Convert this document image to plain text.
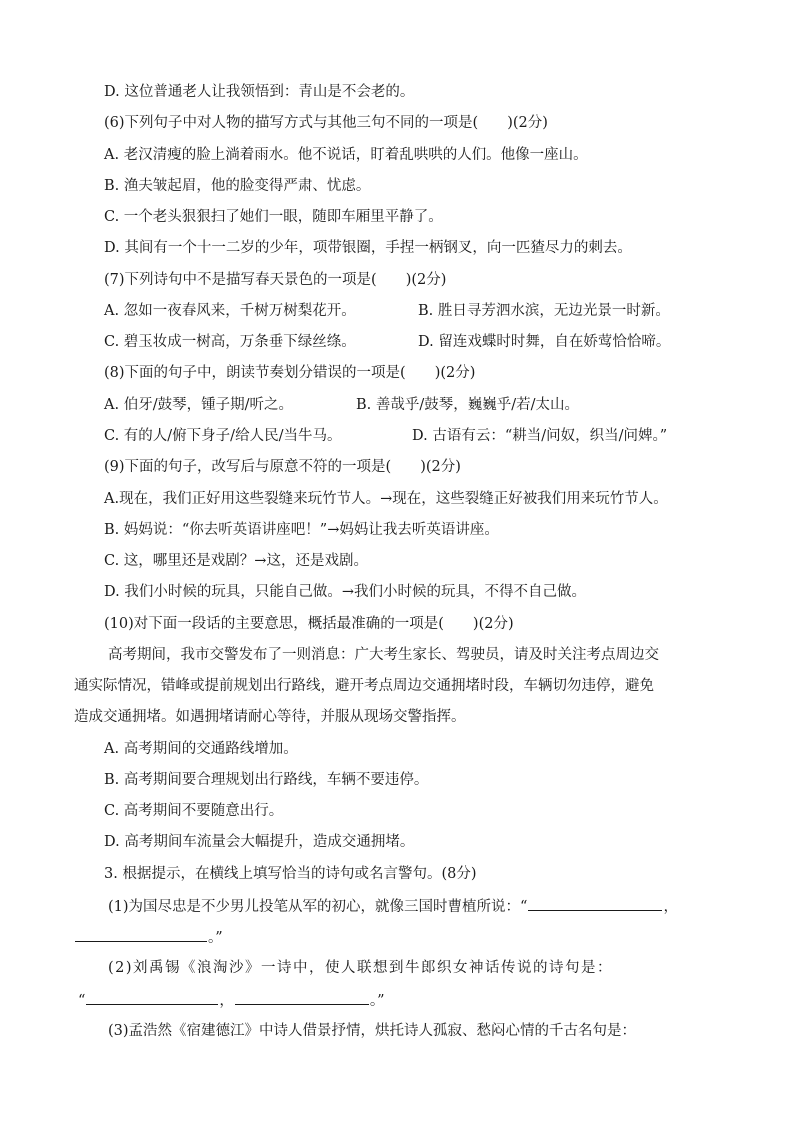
D. 这位普通老人让我领悟到：青山是不会老的。
(6)下列句子中对人物的描写方式与其他三句不同的一项是(　　)(2分)
A. 老汉清瘦的脸上淌着雨水。他不说话，盯着乱哄哄的人们。他像一座山。
B. 渔夫皱起眉，他的脸变得严肃、忧虑。
C. 一个老头狠狠扫了她们一眼，随即车厢里平静了。
D. 其间有一个十一二岁的少年，项带银圈，手捏一柄钢叉，向一匹猹尽力的刺去。
(7)下列诗句中不是描写春天景色的一项是(　　)(2分)
A. 忽如一夜春风来，千树万树梨花开。	B. 胜日寻芳泗水滨，无边光景一时新。
C. 碧玉妆成一树高，万条垂下绿丝绦。	D. 留连戏蝶时时舞，自在娇莺恰恰啼。
(8)下面的句子中，朗读节奏划分错误的一项是(　　)(2分)
A. 伯牙/鼓琴，锺子期/听之。	B. 善哉乎/鼓琴，巍巍乎/若/太山。
C. 有的人/俯下身子/给人民/当牛马。	D. 古语有云：“耕当/问奴，织当/问婢。”
(9)下面的句子，改写后与原意不符的一项是(　　)(2分)
A.现在，我们正好用这些裂缝来玩竹节人。→现在，这些裂缝正好被我们用来玩竹节人。
B. 妈妈说：“你去听英语讲座吧！”→妈妈让我去听英语讲座。
C. 这，哪里还是戏剧？→这，还是戏剧。
D. 我们小时候的玩具，只能自己做。→我们小时候的玩具，不得不自己做。
(10)对下面一段话的主要意思，概括最准确的一项是(　　)(2分)
高考期间，我市交警发布了一则消息：广大考生家长、驾驶员，请及时关注考点周边交
通实际情况，错峰或提前规划出行路线，避开考点周边交通拥堵时段，车辆切勿违停，避免
造成交通拥堵。如遇拥堵请耐心等待，并服从现场交警指挥。
A. 高考期间的交通路线增加。
B. 高考期间要合理规划出行路线，车辆不要违停。
C. 高考期间不要随意出行。
D. 高考期间车流量会大幅提升，造成交通拥堵。
3. 根据提示，在横线上填写恰当的诗句或名言警句。(8分)
(1)为国尽忠是不少男儿投笔从军的初心，就像三国时曹植所说：“	，
。”
(2)刘禹锡《浪淘沙》一诗中，使人联想到牛郎织女神话传说的诗句是：
“	，	。”
(3)孟浩然《宿建德江》中诗人借景抒情，烘托诗人孤寂、愁闷心情的千古名句是：
